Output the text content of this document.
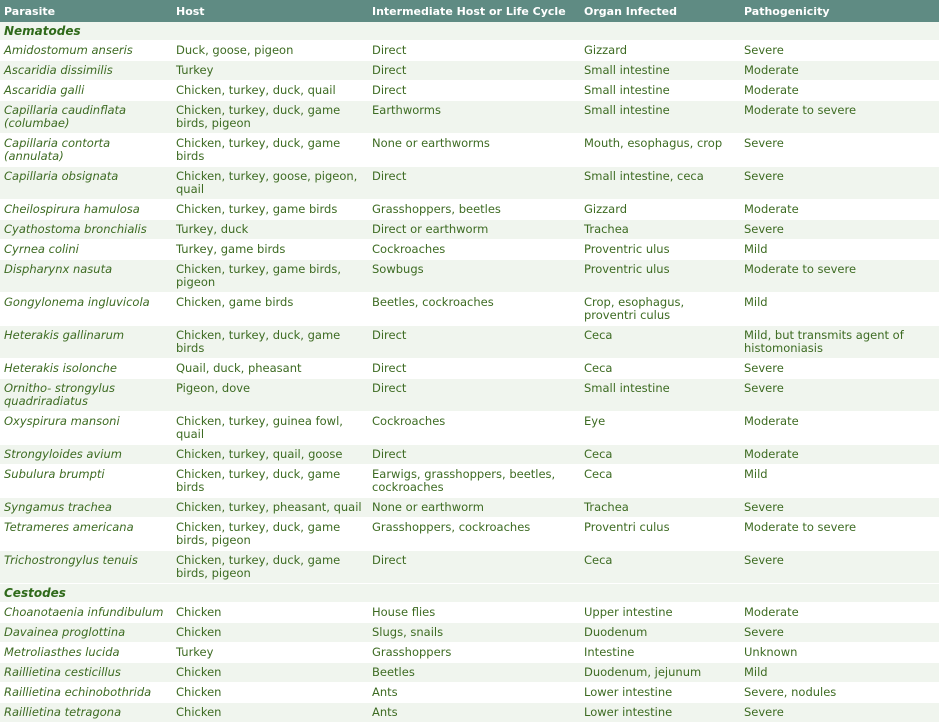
Parasite	Host	Intermediate Host or Life Cycle	Organ Infected	Pathogenicity
Nematodes				
Amidostomum anseris	Duck, goose, pigeon	Direct	Gizzard	Severe
Ascaridia dissimilis	Turkey	Direct	Small intestine	Moderate
Ascaridia galli	Chicken, turkey, duck, quail	Direct	Small intestine	Moderate
Capillaria caudinflata (columbae)	Chicken, turkey, duck, game birds, pigeon	Earthworms	Small intestine	Moderate to severe
Capillaria contorta (annulata)	Chicken, turkey, duck, game birds	None or earthworms	Mouth, esophagus, crop	Severe
Capillaria obsignata	Chicken, turkey, goose, pigeon, quail	Direct	Small intestine, ceca	Severe
Cheilospirura hamulosa	Chicken, turkey, game birds	Grasshoppers, beetles	Gizzard	Moderate
Cyathostoma bronchialis	Turkey, duck	Direct or earthworm	Trachea	Severe
Cyrnea colini	Turkey, game birds	Cockroaches	Proventric ulus	Mild
Dispharynx nasuta	Chicken, turkey, game birds, pigeon	Sowbugs	Proventric ulus	Moderate to severe
Gongylonema ingluvicola	Chicken, game birds	Beetles, cockroaches	Crop, esophagus, proventri culus	Mild
Heterakis gallinarum	Chicken, turkey, duck, game birds	Direct	Ceca	Mild, but transmits agent of histomoniasis
Heterakis isolonche	Quail, duck, pheasant	Direct	Ceca	Severe
Ornitho- strongylus quadriradiatus	Pigeon, dove	Direct	Small intestine	Severe
Oxyspirura mansoni	Chicken, turkey, guinea fowl, quail	Cockroaches	Eye	Moderate
Strongyloides avium	Chicken, turkey, quail, goose	Direct	Ceca	Moderate
Subulura brumpti	Chicken, turkey, duck, game birds	Earwigs, grasshoppers, beetles, cockroaches	Ceca	Mild
Syngamus trachea	Chicken, turkey, pheasant, quail	None or earthworm	Trachea	Severe
Tetrameres americana	Chicken, turkey, duck, game birds, pigeon	Grasshoppers, cockroaches	Proventri culus	Moderate to severe
Trichostrongylus tenuis	Chicken, turkey, duck, game birds, pigeon	Direct	Ceca	Severe
Cestodes				
Choanotaenia infundibulum	Chicken	House flies	Upper intestine	Moderate
Davainea proglottina	Chicken	Slugs, snails	Duodenum	Severe
Metroliasthes lucida	Turkey	Grasshoppers	Intestine	Unknown
Raillietina cesticillus	Chicken	Beetles	Duodenum, jejunum	Mild
Raillietina echinobothrida	Chicken	Ants	Lower intestine	Severe, nodules
Raillietina tetragona	Chicken	Ants	Lower intestine	Severe
